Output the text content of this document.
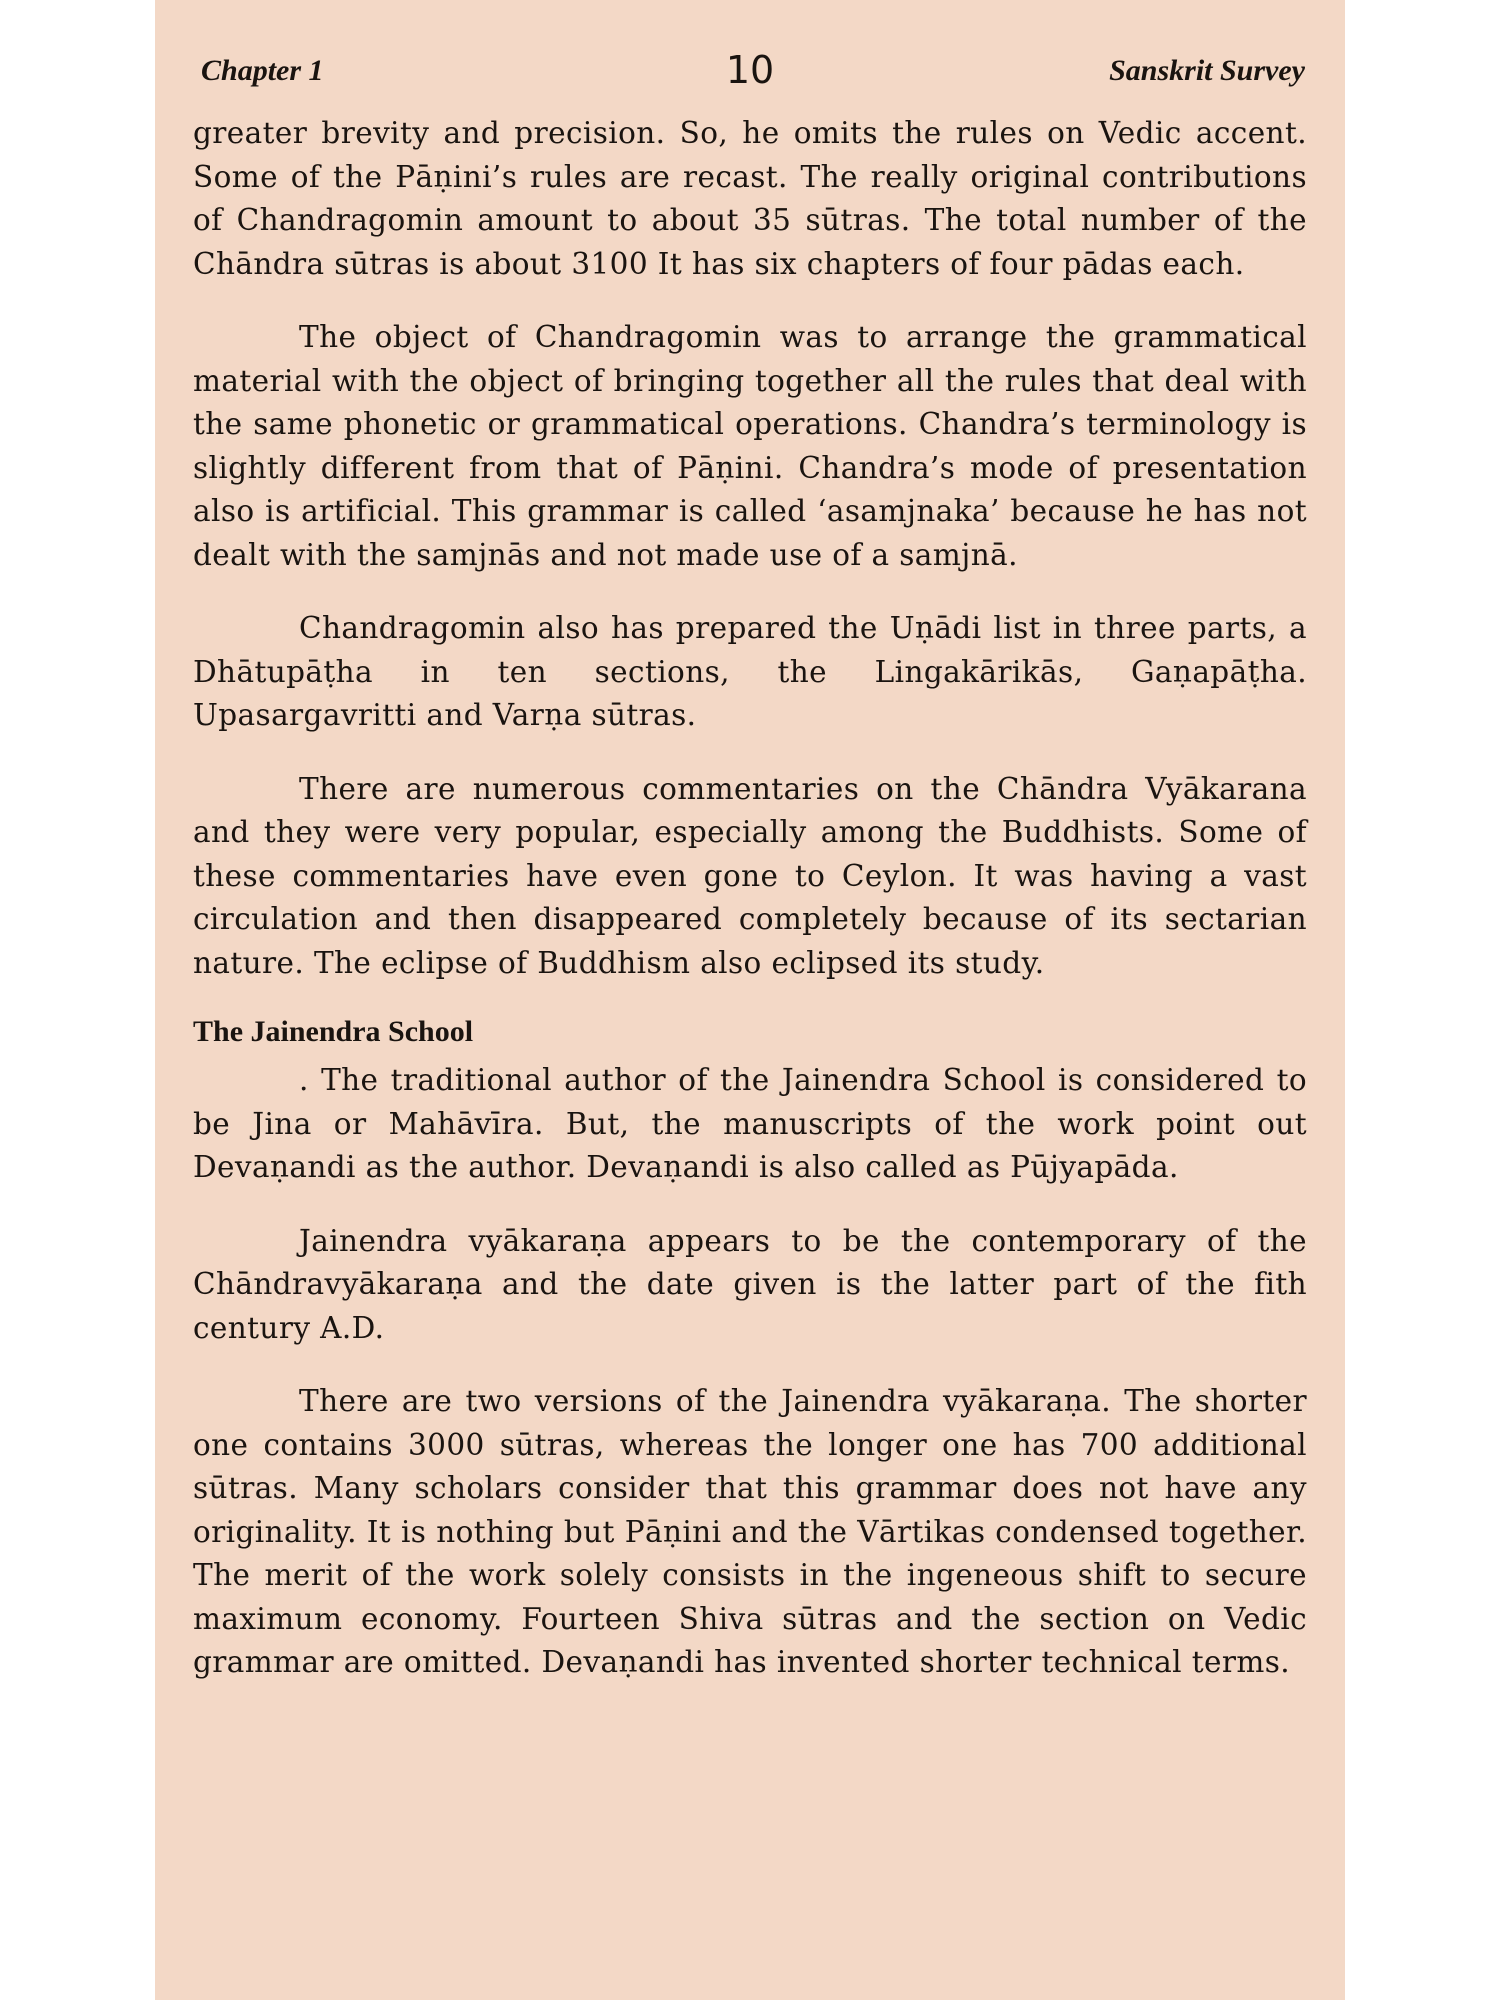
Chapter 1	10	Sanskrit Survey

greater brevity and precision. So, he omits the rules on Vedic accent. Some of the Pāṇini’s rules are recast. The really original contributions of Chandragomin amount to about 35 sūtras. The total number of the Chāndra sūtras is about 3100 It has six chapters of four pādas each.

The object of Chandragomin was to arrange the grammatical material with the object of bringing together all the rules that deal with the same phonetic or grammatical operations. Chandra’s terminology is slightly different from that of Pāṇini. Chandra’s mode of presentation also is artificial. This grammar is called ‘asamjnaka’ because he has not dealt with the samjnās and not made use of a samjnā.

Chandragomin also has prepared the Uṇādi list in three parts, a Dhātupāṭha in ten sections, the Lingakārikās, Gaṇapāṭha. Upasargavritti and Varṇa sūtras.

There are numerous commentaries on the Chāndra Vyākarana and they were very popular, especially among the Buddhists. Some of these commentaries have even gone to Ceylon. It was having a vast circulation and then disappeared completely because of its sectarian nature. The eclipse of Buddhism also eclipsed its study.

The Jainendra School

. The traditional author of the Jainendra School is considered to be Jina or Mahāvīra. But, the manuscripts of the work point out Devaṇandi as the author. Devaṇandi is also called as Pūjyapāda.

Jainendra vyākaraṇa appears to be the contemporary of the Chāndravyākaraṇa and the date given is the latter part of the fith century A.D.

There are two versions of the Jainendra vyākaraṇa. The shorter one contains 3000 sūtras, whereas the longer one has 700 additional sūtras. Many scholars consider that this grammar does not have any originality. It is nothing but Pāṇini and the Vārtikas condensed together. The merit of the work solely consists in the ingeneous shift to secure maximum economy. Fourteen Shiva sūtras and the section on Vedic grammar are omitted. Devaṇandi has invented shorter technical terms.
